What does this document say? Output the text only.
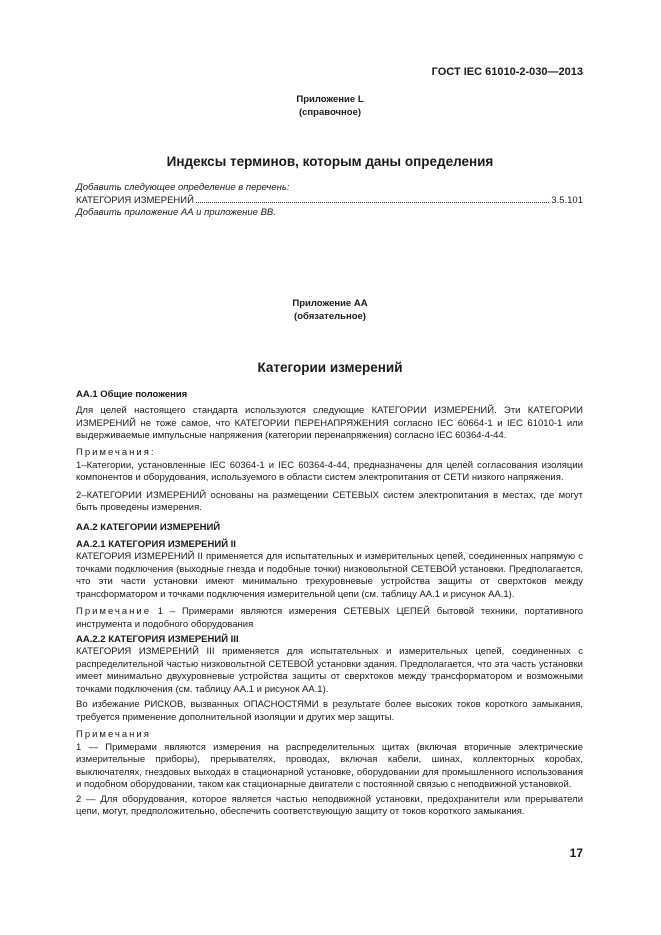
ГОСТ IEC 61010-2-030—2013
Приложение L
(справочное)
Индексы терминов, которым даны определения
Добавить следующее определение в перечень:
КАТЕГОРИЯ ИЗМЕРЕНИЙ	3.5.101
Добавить приложение АА и приложение ВВ.
Приложение АА
(обязательное)
Категории измерений
АА.1 Общие положения

Для целей настоящего стандарта используются следующие КАТЕГОРИИ ИЗМЕРЕНИЙ. Эти КАТЕГОРИИ ИЗМЕРЕНИЙ не тоже самое, что КАТЕГОРИИ ПЕРЕНАПРЯЖЕНИЯ согласно IEC 60664-1 и IEC 61010-1 или выдерживаемые импульсные напряжения (категории перенапряжения) согласно IEC 60364-4-44.

Примечания:

1–Категории, установленные IEC 60364-1 и IEC 60364-4-44, предназначены для целей согласования изоляции компонентов и оборудования, используемого в области систем электропитания от СЕТИ низкого напряжения.

2–КАТЕГОРИИ ИЗМЕРЕНИЙ основаны на размещении СЕТЕВЫХ систем электропитания в местах, где могут быть проведены измерения.

АА.2 КАТЕГОРИИ ИЗМЕРЕНИЙ
АА.2.1 КАТЕГОРИЯ ИЗМЕРЕНИЙ II

КАТЕГОРИЯ ИЗМЕРЕНИЙ II применяется для испытательных и измерительных цепей, соединенных напрямую с точками подключения (выходные гнезда и подобные точки) низковольтной СЕТЕВОЙ установки. Предполагается, что эти части установки имеют минимально трехуровневые устройства защиты от сверхтоков между трансформатором и точками подключения измерительной цепи (см. таблицу АА.1 и рисунок АА.1).

Примечание 1 – Примерами являются измерения СЕТЕВЫХ ЦЕПЕЙ бытовой техники, портативного инструмента и подобного оборудования

АА.2.2 КАТЕГОРИЯ ИЗМЕРЕНИЙ III

КАТЕГОРИЯ ИЗМЕРЕНИЙ III применяется для испытательных и измерительных цепей, соединенных с распределительной частью низковольтной СЕТЕВОЙ установки здания. Предполагается, что эта часть установки имеет минимально двухуровневые устройства защиты от сверхтоков между трансформатором и возможными точками подключения (см. таблицу АА.1 и рисунок АА.1).

Во избежание РИСКОВ, вызванных ОПАСНОСТЯМИ в результате более высоких токов короткого замыкания, требуется применение дополнительной изоляции и других мер защиты.

Примечания

1 — Примерами являются измерения на распределительных щитах (включая вторичные электрические измерительные приборы), прерывателях, проводах, включая кабели, шинах, коллекторных коробах, выключателях, гнездовых выходах в стационарной установке, оборудовании для промышленного использования и подобном оборудовании, таком как стационарные двигатели с постоянной связью с неподвижной установкой.

2 — Для оборудования, которое является частью неподвижной установки, предохранители или прерыватели цепи, могут, предположительно, обеспечить соответствующую защиту от токов короткого замыкания.

17
